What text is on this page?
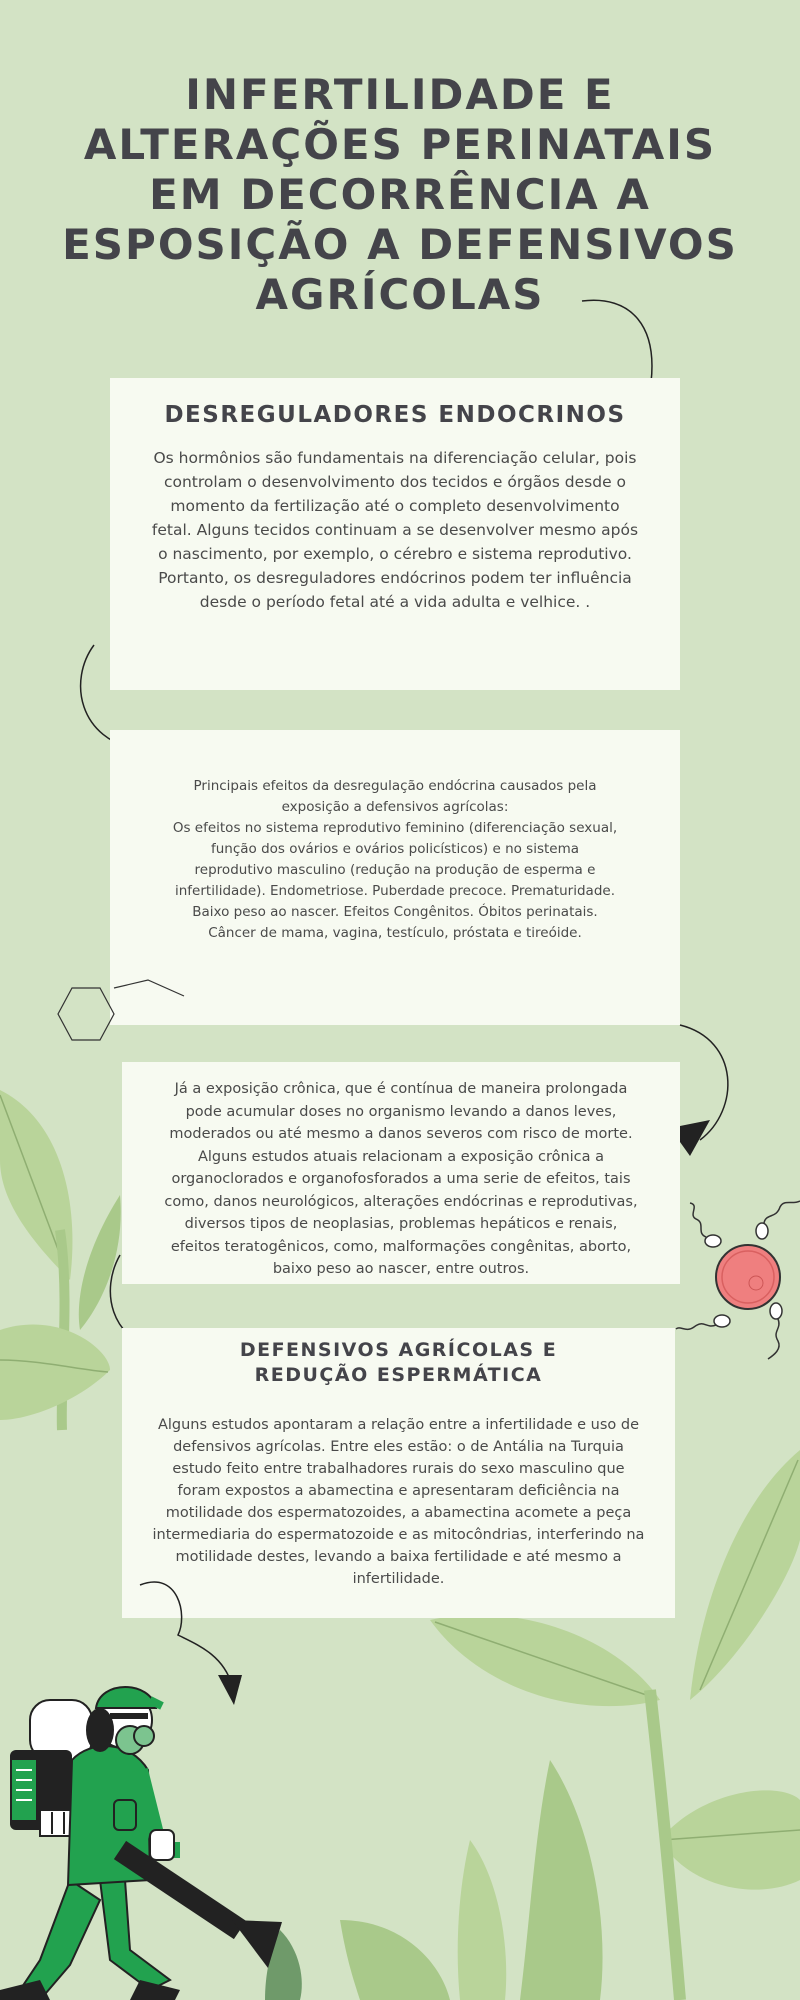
INFERTILIDADE E ALTERAÇÕES PERINATAIS EM DECORRÊNCIA A ESPOSIÇÃO A DEFENSIVOS AGRÍCOLAS
DESREGULADORES ENDOCRINOS

Os hormônios são fundamentais na diferenciação celular, pois controlam o desenvolvimento dos tecidos e órgãos desde o momento da fertilização até o completo desenvolvimento fetal. Alguns tecidos continuam a se desenvolver mesmo após o nascimento, por exemplo, o cérebro e sistema reprodutivo. Portanto, os desreguladores endócrinos podem ter influência desde o período fetal até a vida adulta e velhice. .

Principais efeitos da desregulação endócrina causados pela exposição a defensivos agrícolas:

Os efeitos no sistema reprodutivo feminino (diferenciação sexual, função dos ovários e ovários policísticos) e no sistema reprodutivo masculino (redução na produção de esperma e infertilidade). Endometriose. Puberdade precoce. Prematuridade. Baixo peso ao nascer. Efeitos Congênitos. Óbitos perinatais. Câncer de mama, vagina, testículo, próstata e tireóide.

Já a exposição crônica, que é contínua de maneira prolongada pode acumular doses no organismo levando a danos leves, moderados ou até mesmo a danos severos com risco de morte. Alguns estudos atuais relacionam a exposição crônica a organoclorados e organofosforados a uma serie de efeitos, tais como, danos neurológicos, alterações endócrinas e reprodutivas, diversos tipos de neoplasias, problemas hepáticos e renais, efeitos teratogênicos, como, malformações congênitas, aborto, baixo peso ao nascer, entre outros.

DEFENSIVOS AGRÍCOLAS E REDUÇÃO ESPERMÁTICA

Alguns estudos apontaram a relação entre a infertilidade e uso de defensivos agrícolas. Entre eles estão: o de Antália na Turquia estudo feito entre trabalhadores rurais do sexo masculino que foram expostos a abamectina e apresentaram deficiência na motilidade dos espermatozoides, a abamectina acomete a peça intermediaria do espermatozoide e as mitocôndrias, interferindo na motilidade destes, levando a baixa fertilidade e até mesmo a infertilidade.
